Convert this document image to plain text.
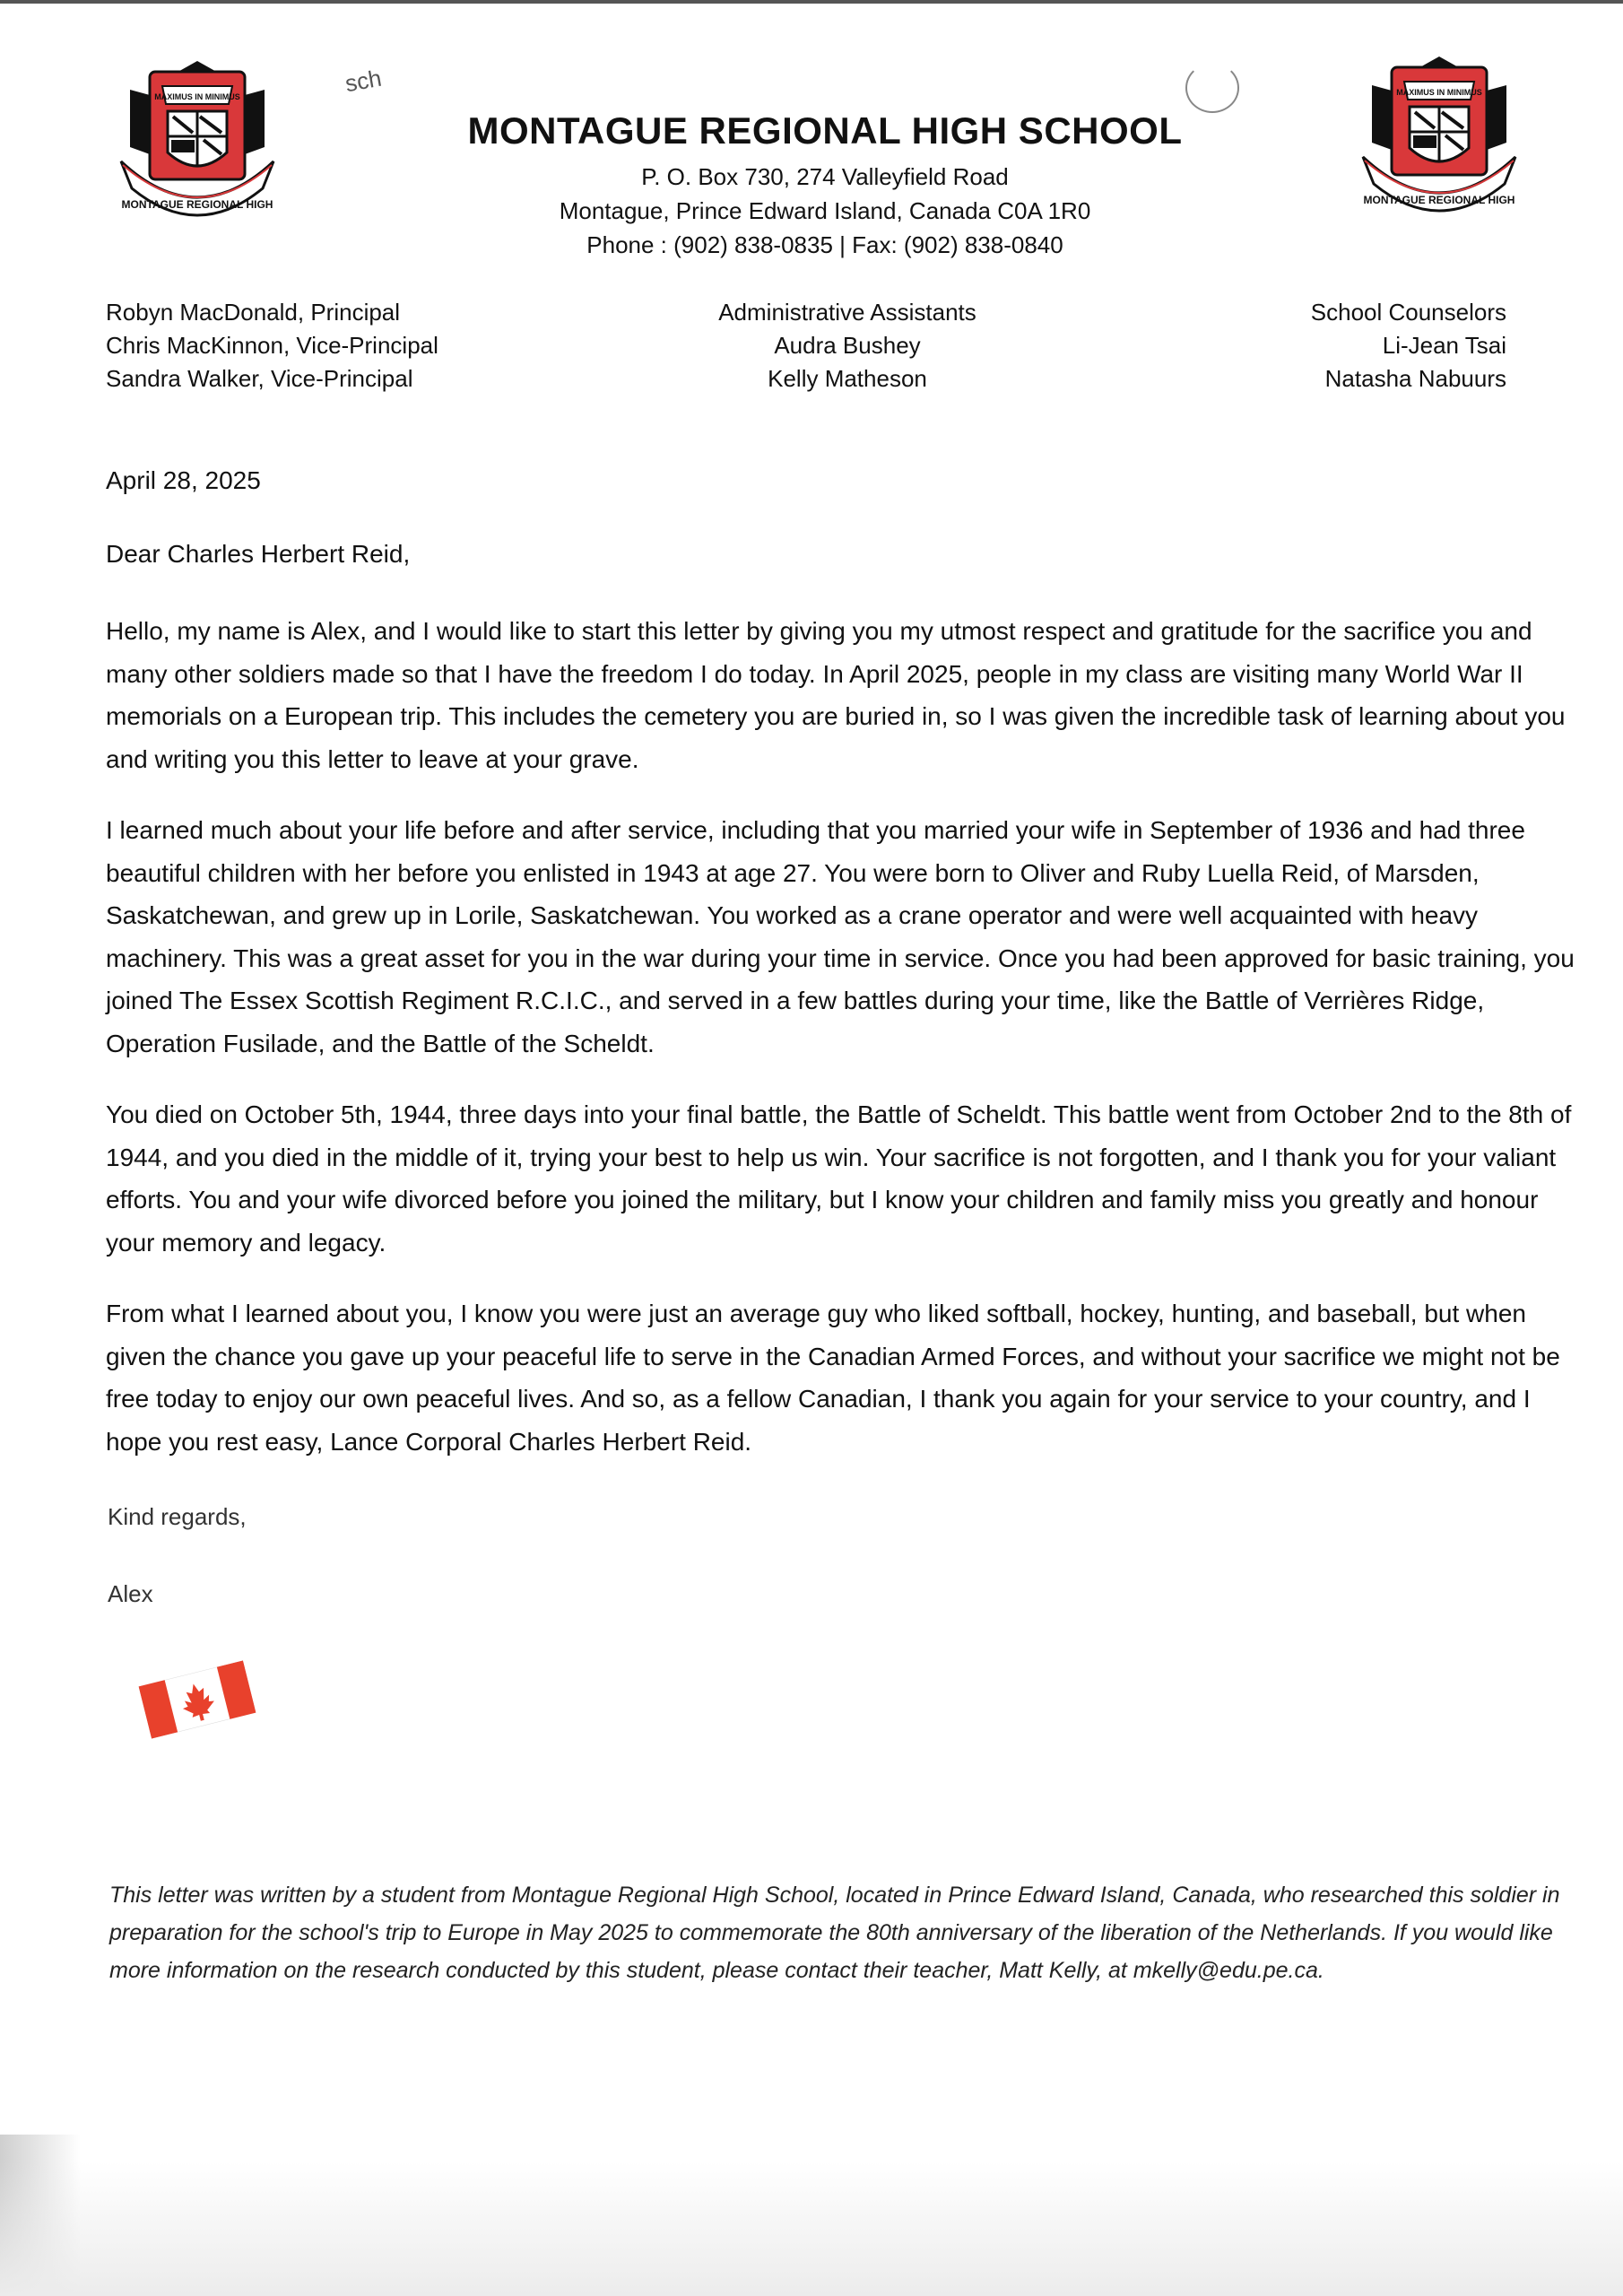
MAXIMUS IN MINIMUS
MONTAGUE REGIONAL HIGH
sch
MONTAGUE REGIONAL HIGH SCHOOL
P. O. Box 730, 274 Valleyfield Road
Montague, Prince Edward Island, Canada C0A 1R0
Phone : (902) 838-0835 | Fax: (902) 838-0840
MAXIMUS IN MINIMUS
MONTAGUE REGIONAL HIGH
Robyn MacDonald, Principal
Chris MacKinnon, Vice-Principal
Sandra Walker, Vice-Principal
Administrative Assistants
Audra Bushey
Kelly Matheson
School Counselors
Li-Jean Tsai
Natasha Nabuurs
April 28, 2025
Dear Charles Herbert Reid,

Hello, my name is Alex, and I would like to start this letter by giving you my utmost respect and gratitude for the sacrifice you and many other soldiers made so that I have the freedom I do today. In April 2025, people in my class are visiting many World War II memorials on a European trip. This includes the cemetery you are buried in, so I was given the incredible task of learning about you and writing you this letter to leave at your grave.

I learned much about your life before and after service, including that you married your wife in September of 1936 and had three beautiful children with her before you enlisted in 1943 at age 27. You were born to Oliver and Ruby Luella Reid, of Marsden, Saskatchewan, and grew up in Lorile, Saskatchewan. You worked as a crane operator and were well acquainted with heavy machinery. This was a great asset for you in the war during your time in service. Once you had been approved for basic training, you joined The Essex Scottish Regiment R.C.I.C., and served in a few battles during your time, like the Battle of Verrières Ridge, Operation Fusilade, and the Battle of the Scheldt.

You died on October 5th, 1944, three days into your final battle, the Battle of Scheldt. This battle went from October 2nd to the 8th of 1944, and you died in the middle of it, trying your best to help us win. Your sacrifice is not forgotten, and I thank you for your valiant efforts. You and your wife divorced before you joined the military, but I know your children and family miss you greatly and honour your memory and legacy.

From what I learned about you, I know you were just an average guy who liked softball, hockey, hunting, and baseball, but when given the chance you gave up your peaceful life to serve in the Canadian Armed Forces, and without your sacrifice we might not be free today to enjoy our own peaceful lives. And so, as a fellow Canadian, I thank you again for your service to your country, and I hope you rest easy, Lance Corporal Charles Herbert Reid.

Kind regards,
Alex
This letter was written by a student from Montague Regional High School, located in Prince Edward Island, Canada, who researched this soldier in preparation for the school's trip to Europe in May 2025 to commemorate the 80th anniversary of the liberation of the Netherlands. If you would like more information on the research conducted by this student, please contact their teacher, Matt Kelly, at mkelly@edu.pe.ca.
